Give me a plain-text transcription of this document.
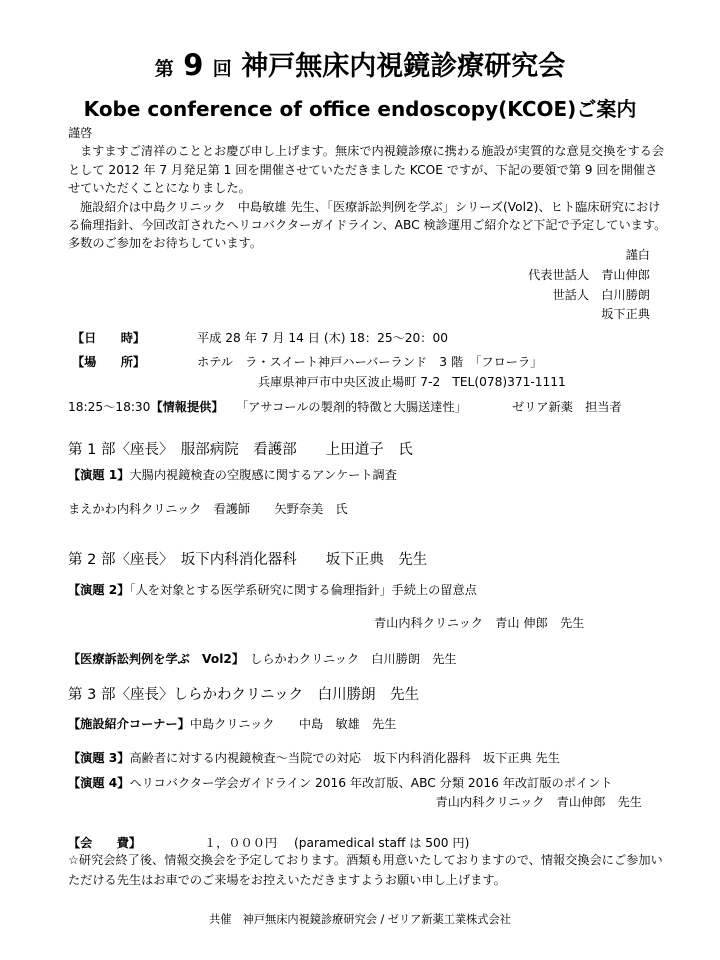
第 9 回 神戸無床内視鏡診療研究会
Kobe conference of office endoscopy(KCOE)ご案内

謹啓

ますますご清祥のこととお慶び申し上げます。無床で内視鏡診療に携わる施設が実質的な意見交換をする会として 2012 年 7 月発足第 1 回を開催させていただきました KCOE ですが、下記の要領で第 9 回を開催させていただくことになりました。

施設紹介は中島クリニック　中島敏雄 先生、「医療訴訟判例を学ぶ」シリーズ(Vol2)、ヒト臨床研究における倫理指針、今回改訂されたヘリコバクターガイドライン、ABC 検診運用ご紹介など下記で予定しています。多数のご参加をお待ちしています。

謹白
代表世話人　 青山伸郎
世話人　 白川勝朗
坂下正典
【日　　時】	平成 28 年 7 月 14 日 (木) 18：25〜20：00
【場　　所】	ホテル　ラ・スイート神戸ハーバーランド　3 階　「フローラ」
兵庫県神戸市中央区波止場町 7-2　TEL(078)371-1111
18:25〜18:30【情報提供】 「アサコールの製剤的特徴と大腸送達性」	ゼリア新薬　担当者
第 1 部〈座長〉　服部病院　看護部　　上田道子　氏
【演題 1】大腸内視鏡検査の空腹感に関するアンケート調査
まえかわ内科クリニック　看護師　　矢野奈美　氏
第 2 部〈座長〉　坂下内科消化器科　　坂下正典　先生
【演題 2】「人を対象とする医学系研究に関する倫理指針」手続上の留意点
青山内科クリニック　青山 伸郎　先生
【医療訴訟判例を学ぶ　Vol2】　 しらかわクリニック　白川勝朗　先生
第 3 部〈座長〉しらかわクリニック　白川勝朗　先生
【施設紹介コーナー】中島クリニック　　中島　敏雄　先生
【演題 3】高齢者に対する内視鏡検査〜当院での対応　 坂下内科消化器科　坂下正典 先生
【演題 4】ヘリコバクター学会ガイドライン 2016 年改訂版、ABC 分類 2016 年改訂版のポイント
青山内科クリニック　青山伸郎　先生
【会　　費】	１，０００円 (paramedical staff は 500 円)
☆研究会終了後、情報交換会を予定しております。酒類も用意いたしておりますので、情報交換会にご参加いただける先生はお車でのご来場をお控えいただきますようお願い申し上げます。
共催　神戸無床内視鏡診療研究会 / ゼリア新薬工業株式会社
